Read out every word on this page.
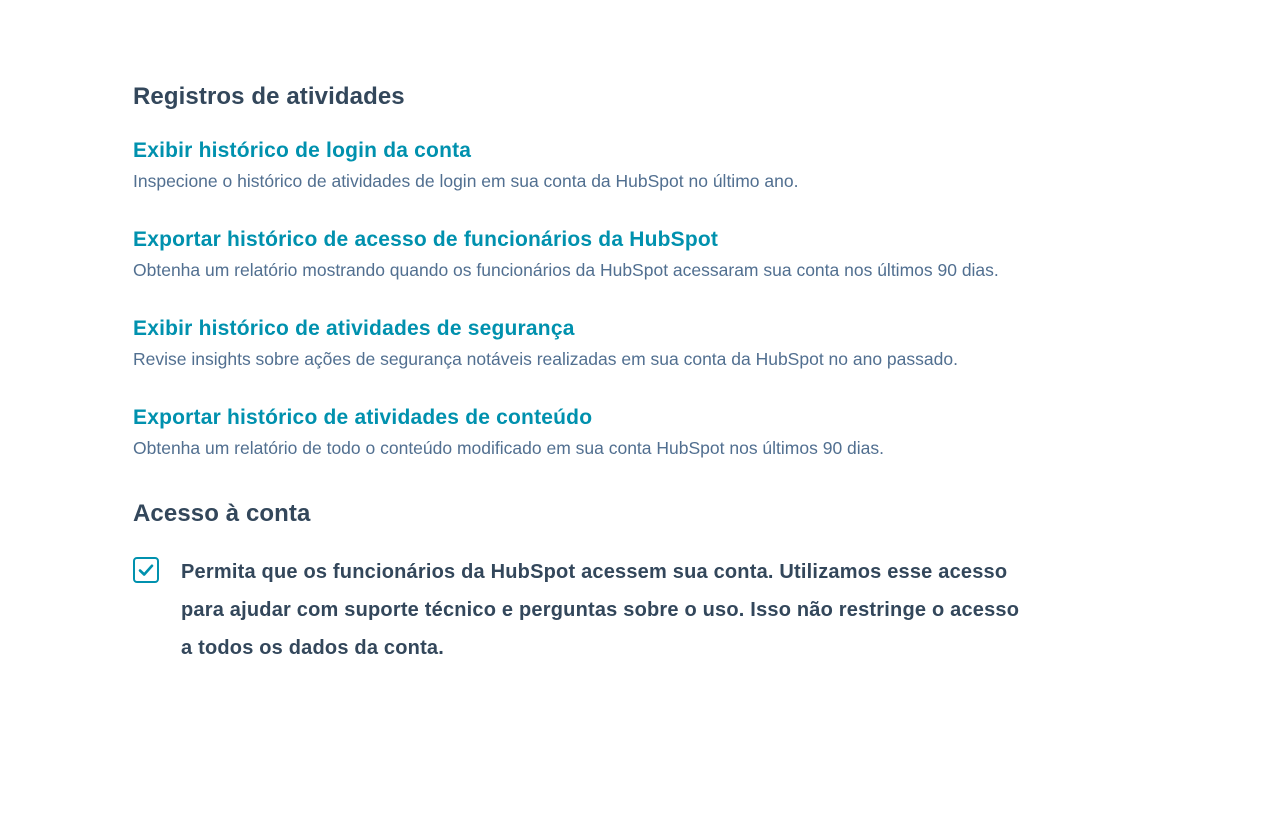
Registros de atividades
Exibir histórico de login da conta

Inspecione o histórico de atividades de login em sua conta da HubSpot no último ano.

Exportar histórico de acesso de funcionários da HubSpot

Obtenha um relatório mostrando quando os funcionários da HubSpot acessaram sua conta nos últimos 90 dias.

Exibir histórico de atividades de segurança

Revise insights sobre ações de segurança notáveis realizadas em sua conta da HubSpot no ano passado.

Exportar histórico de atividades de conteúdo

Obtenha um relatório de todo o conteúdo modificado em sua conta HubSpot nos últimos 90 dias.

Acesso à conta
Permita que os funcionários da HubSpot acessem sua conta. Utilizamos esse acesso para ajudar com suporte técnico e perguntas sobre o uso. Isso não restringe o acesso a todos os dados da conta.
